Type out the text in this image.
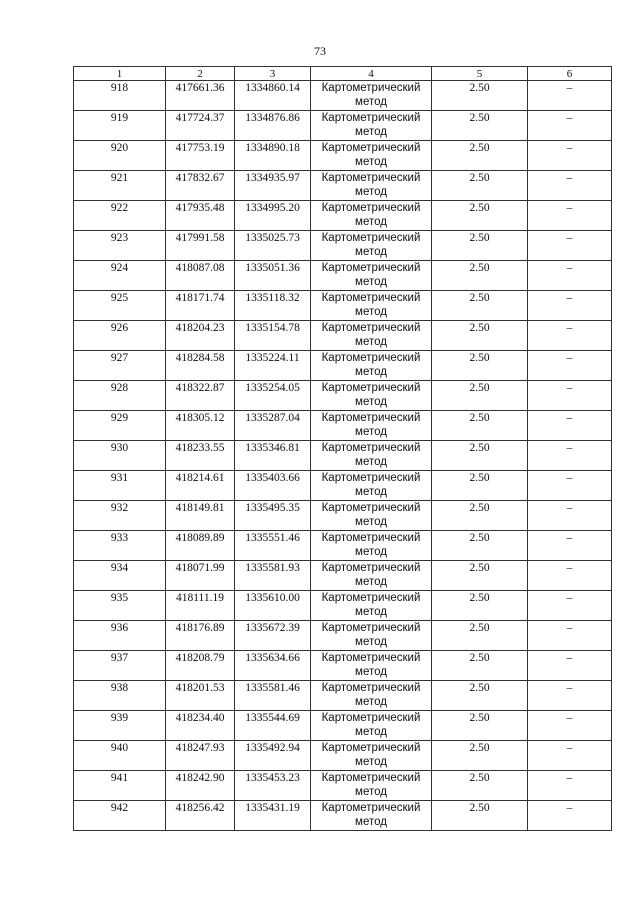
73
1	2	3	4	5	6
918	417661.36	1334860.14	Картометрический метод	2.50	–
919	417724.37	1334876.86	Картометрический метод	2.50	–
920	417753.19	1334890.18	Картометрический метод	2.50	–
921	417832.67	1334935.97	Картометрический метод	2.50	–
922	417935.48	1334995.20	Картометрический метод	2.50	–
923	417991.58	1335025.73	Картометрический метод	2.50	–
924	418087.08	1335051.36	Картометрический метод	2.50	–
925	418171.74	1335118.32	Картометрический метод	2.50	–
926	418204.23	1335154.78	Картометрический метод	2.50	–
927	418284.58	1335224.11	Картометрический метод	2.50	–
928	418322.87	1335254.05	Картометрический метод	2.50	–
929	418305.12	1335287.04	Картометрический метод	2.50	–
930	418233.55	1335346.81	Картометрический метод	2.50	–
931	418214.61	1335403.66	Картометрический метод	2.50	–
932	418149.81	1335495.35	Картометрический метод	2.50	–
933	418089.89	1335551.46	Картометрический метод	2.50	–
934	418071.99	1335581.93	Картометрический метод	2.50	–
935	418111.19	1335610.00	Картометрический метод	2.50	–
936	418176.89	1335672.39	Картометрический метод	2.50	–
937	418208.79	1335634.66	Картометрический метод	2.50	–
938	418201.53	1335581.46	Картометрический метод	2.50	–
939	418234.40	1335544.69	Картометрический метод	2.50	–
940	418247.93	1335492.94	Картометрический метод	2.50	–
941	418242.90	1335453.23	Картометрический метод	2.50	–
942	418256.42	1335431.19	Картометрический метод	2.50	–
